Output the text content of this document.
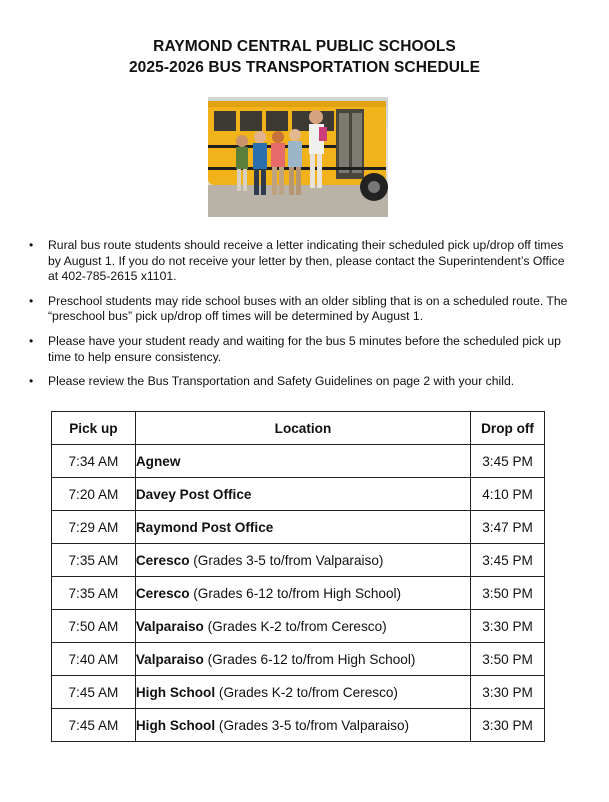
RAYMOND CENTRAL PUBLIC SCHOOLS
2025-2026 BUS TRANSPORTATION SCHEDULE
• Rural bus route students should receive a letter indicating their scheduled pick up/drop off times by August 1. If you do not receive your letter by then, please contact the Superintendent’s Office at 402-785-2615 x1101.
• Preschool students may ride school buses with an older sibling that is on a scheduled route. The “preschool bus” pick up/drop off times will be determined by August 1.
• Please have your student ready and waiting for the bus 5 minutes before the scheduled pick up time to help ensure consistency.
• Please review the Bus Transportation and Safety Guidelines on page 2 with your child.
Pick up	Location	Drop off
7:34 AM	Agnew	3:45 PM
7:20 AM	Davey Post Office	4:10 PM
7:29 AM	Raymond Post Office	3:47 PM
7:35 AM	Ceresco (Grades 3-5 to/from Valparaiso)	3:45 PM
7:35 AM	Ceresco (Grades 6-12 to/from High School)	3:50 PM
7:50 AM	Valparaiso (Grades K-2 to/from Ceresco)	3:30 PM
7:40 AM	Valparaiso (Grades 6-12 to/from High School)	3:50 PM
7:45 AM	High School (Grades K-2 to/from Ceresco)	3:30 PM
7:45 AM	High School (Grades 3-5 to/from Valparaiso)	3:30 PM
